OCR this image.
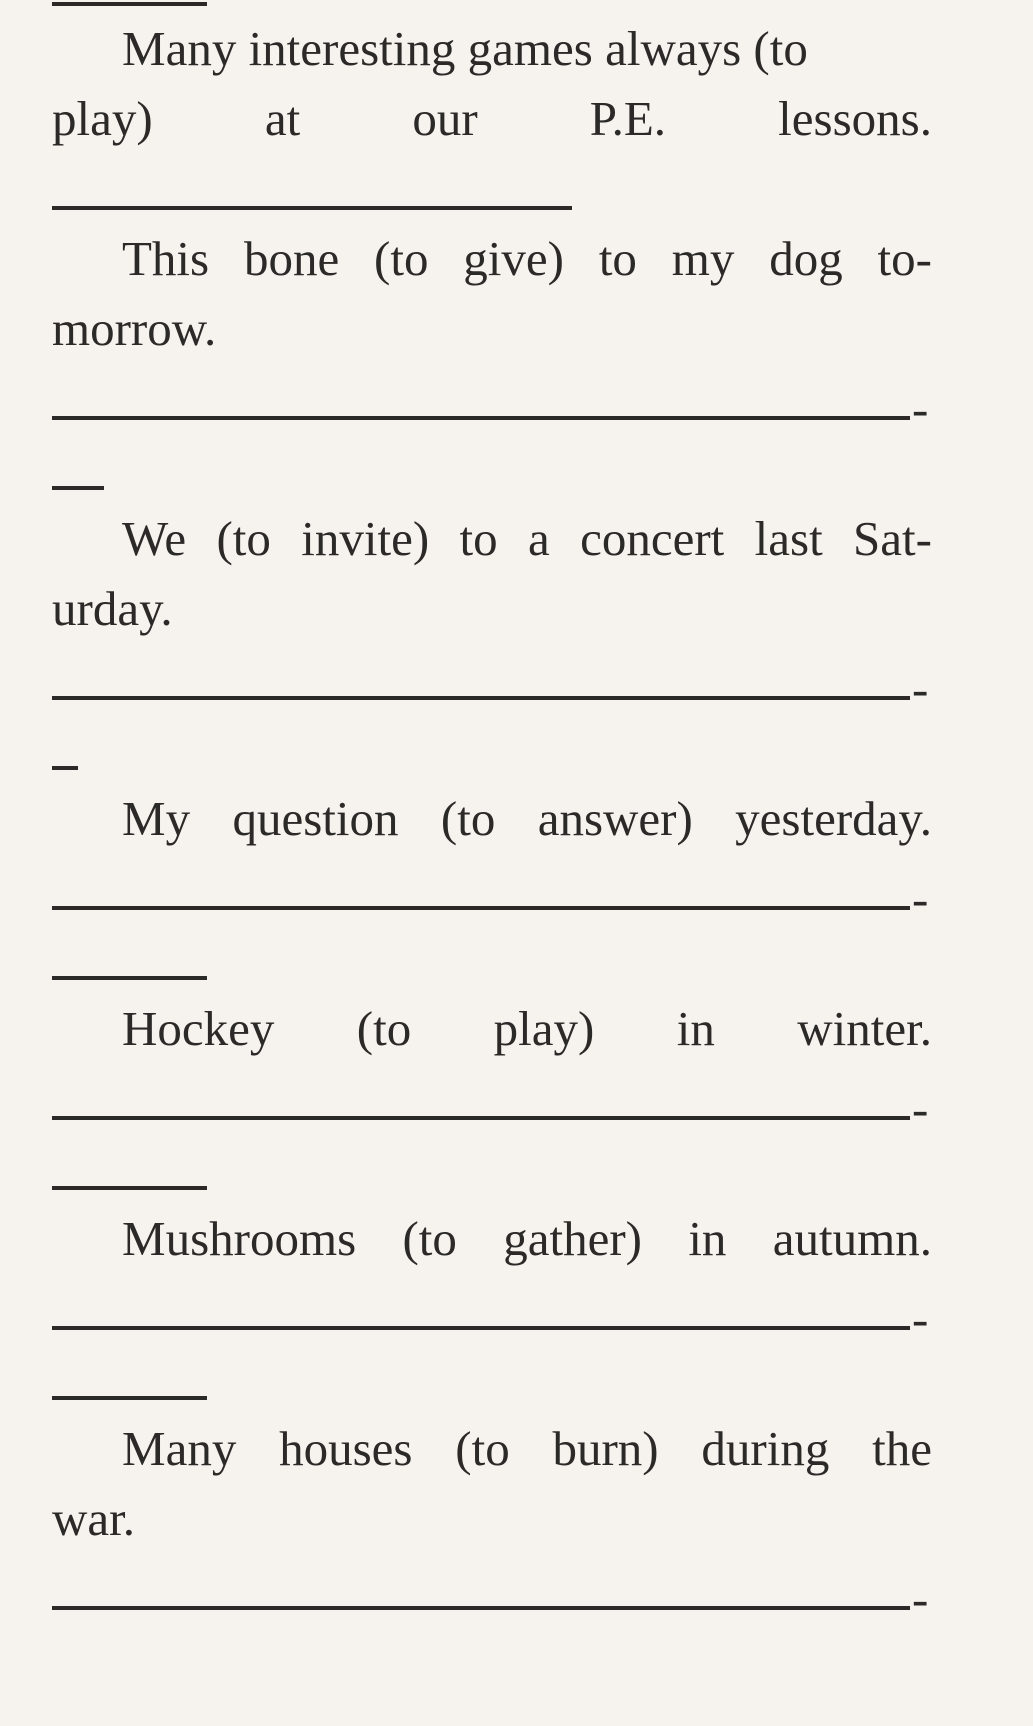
Many interesting games always (to
play) at our P.E. lessons.
This bone (to give) to my dog to-
morrow.
-
We (to invite) to a concert last Sat-
urday.
-
My question (to answer) yesterday.
-
Hockey (to play) in winter.
-
Mushrooms (to gather) in autumn.
-
Many houses (to burn) during the
war.
-
